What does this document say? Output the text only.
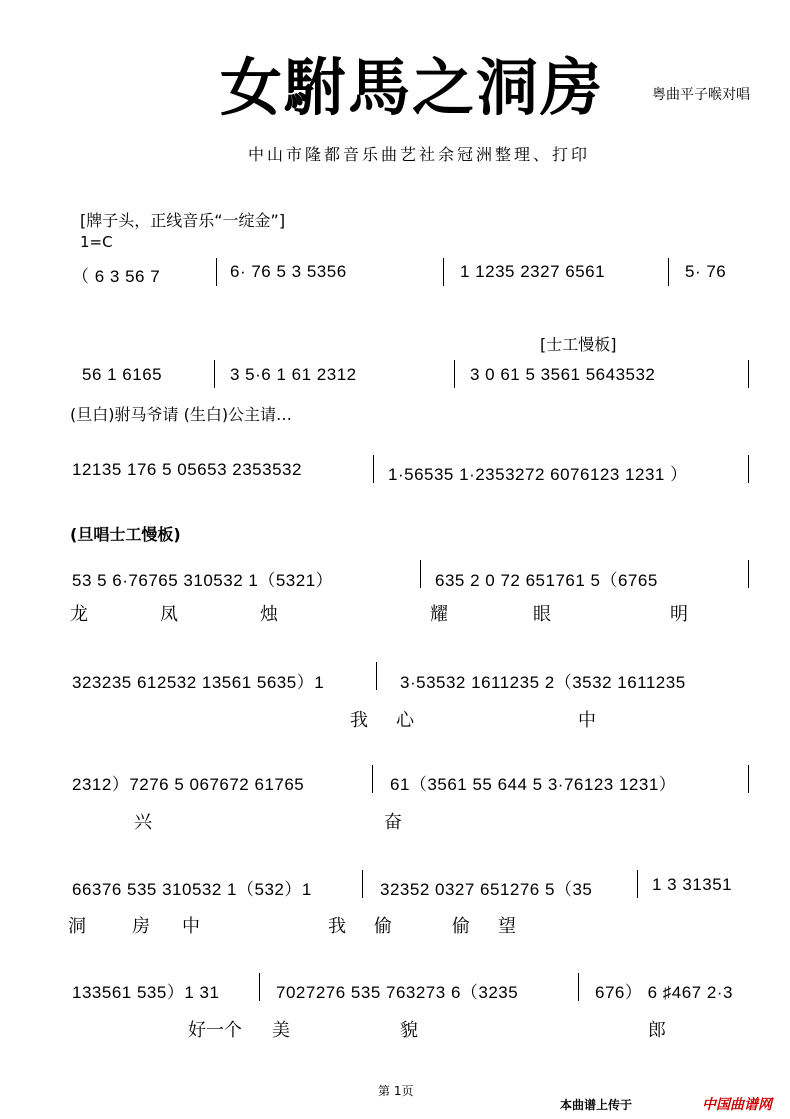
女駙馬之洞房	粤曲平子喉对唱
中山市隆都音乐曲艺社余冠洲整理、打印
[牌子头，正线音乐“一绽金”]
1=C
（ 6 3 56 7	6· 76 5 3 5356	1 1235 2327 6561	5· 76
[士工慢板]
56 1 6165	3 5·6 1 61 2312	3 0 61 5 3561 5643532
(旦白)驸马爷请 (生白)公主请…
12135 176 5 05653 2353532	1·56535 1·2353272 6076123 1231 ）
(旦唱士工慢板)
53 5 6·76765 310532 1（5321）	635 2 0 72 651761 5（6765
龙	凤	烛	耀	眼	明
323235 612532 13561 5635）1	3·53532 1611235 2（3532 1611235
我 心	中
2312）7276 5 067672 61765	61（3561 55 644 5 3·76123 1231）
兴	奋
66376 535 310532 1（532）1	32352 0327 651276 5（35	1 3 31351
洞	房 中	我 偷	偷 望
133561 535）1 31	7027276 535 763273 6（3235	676） 6 ♯467 2·3
好一个 美	貌	郎
第 1页
本曲谱上传于	中国曲谱网
